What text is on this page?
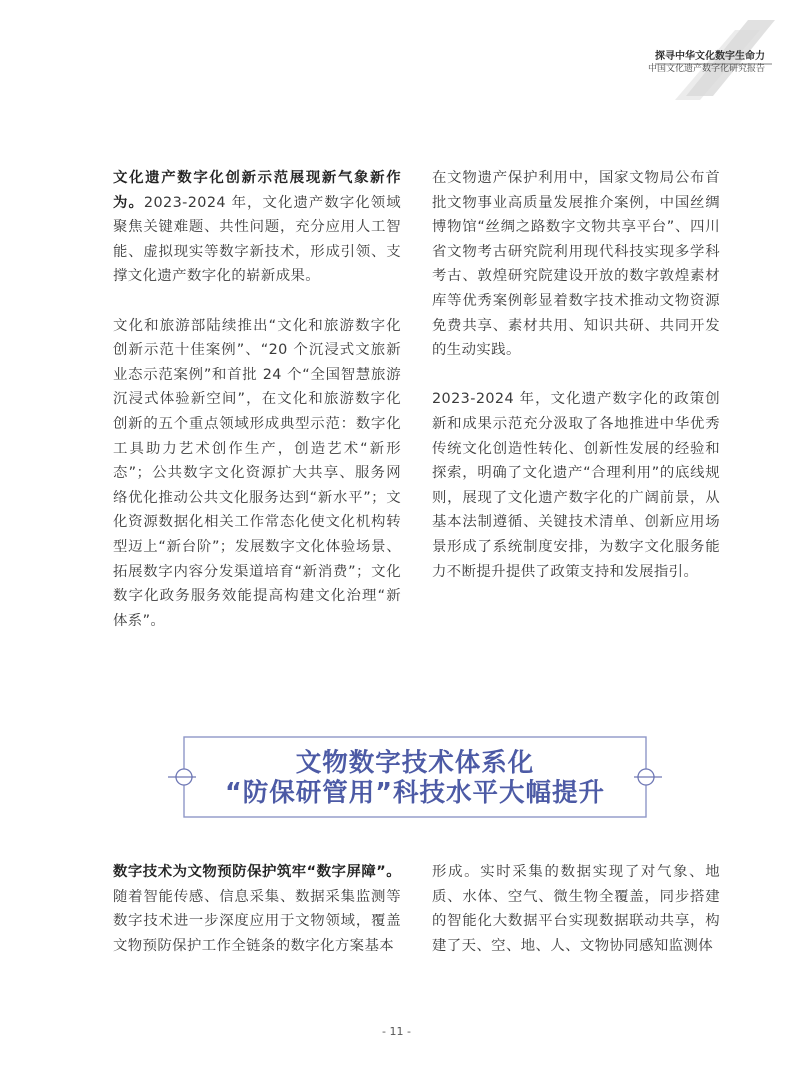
探寻中华文化数字生命力
中国文化遗产数字化研究报告

文化遗产数字化创新示范展现新气象新作为。2023-2024 年，文化遗产数字化领域聚焦关键难题、共性问题，充分应用人工智能、虚拟现实等数字新技术，形成引领、支撑文化遗产数字化的崭新成果。

文化和旅游部陆续推出“文化和旅游数字化创新示范十佳案例”、“20 个沉浸式文旅新业态示范案例”和首批 24 个“全国智慧旅游沉浸式体验新空间”，在文化和旅游数字化创新的五个重点领域形成典型示范：数字化工具助力艺术创作生产，创造艺术“新形态”；公共数字文化资源扩大共享、服务网络优化推动公共文化服务达到“新水平”；文化资源数据化相关工作常态化使文化机构转型迈上“新台阶”；发展数字文化体验场景、拓展数字内容分发渠道培育“新消费”；文化数字化政务服务效能提高构建文化治理“新体系”。

在文物遗产保护利用中，国家文物局公布首批文物事业高质量发展推介案例，中国丝绸博物馆“丝绸之路数字文物共享平台”、四川省文物考古研究院利用现代科技实现多学科考古、敦煌研究院建设开放的数字敦煌素材库等优秀案例彰显着数字技术推动文物资源免费共享、素材共用、知识共研、共同开发的生动实践。

2023-2024 年，文化遗产数字化的政策创新和成果示范充分汲取了各地推进中华优秀传统文化创造性转化、创新性发展的经验和探索，明确了文化遗产“合理利用”的底线规则，展现了文化遗产数字化的广阔前景，从基本法制遵循、关键技术清单、创新应用场景形成了系统制度安排，为数字文化服务能力不断提升提供了政策支持和发展指引。

文物数字技术体系化
“防保研管用”科技水平大幅提升

数字技术为文物预防保护筑牢“数字屏障”。随着智能传感、信息采集、数据采集监测等数字技术进一步深度应用于文物领域，覆盖文物预防保护工作全链条的数字化方案基本

形成。实时采集的数据实现了对气象、地质、水体、空气、微生物全覆盖，同步搭建的智能化大数据平台实现数据联动共享，构建了天、空、地、人、文物协同感知监测体

- 11 -
